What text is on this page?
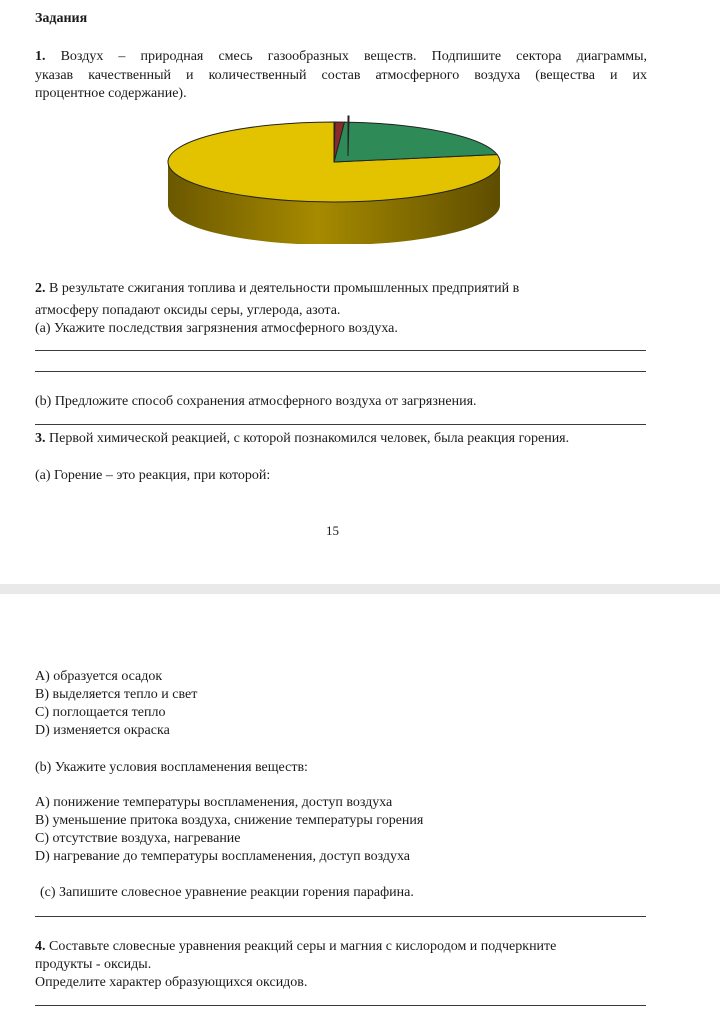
Задания
1. Воздух – природная смесь газообразных веществ. Подпишите сектора диаграммы,
указав качественный и количественный состав атмосферного воздуха (вещества и их
процентное содержание).
2. В результате сжигания топлива и деятельности промышленных предприятий в
атмосферу попадают оксиды серы, углерода, азота.
(а) Укажите последствия загрязнения атмосферного воздуха.
(b) Предложите способ сохранения атмосферного воздуха от загрязнения.
3. Первой химической реакцией, с которой познакомился человек, была реакция горения.
(а) Горение – это реакция, при которой:
15
A) образуется осадок
B) выделяется тепло и свет
C) поглощается тепло
D) изменяется окраска
(b) Укажите условия воспламенения веществ:
A) понижение температуры воспламенения, доступ воздуха
B) уменьшение притока воздуха, снижение температуры горения
C) отсутствие воздуха, нагревание
D) нагревание до температуры воспламенения, доступ воздуха
(c) Запишите словесное уравнение реакции горения парафина.
4. Составьте словесные уравнения реакций серы и магния с кислородом и подчеркните
продукты - оксиды.
Определите характер образующихся оксидов.
